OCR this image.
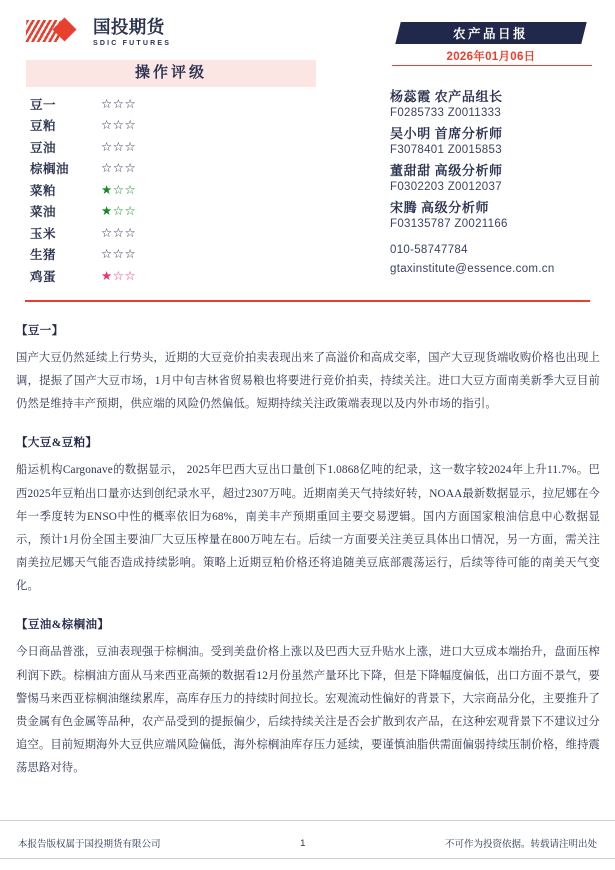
国投期货
SDIC FUTURES
操作评级
豆一	☆☆☆
豆粕	☆☆☆
豆油	☆☆☆
棕榈油	☆☆☆
菜粕	★☆☆
菜油	★☆☆
玉米	☆☆☆
生猪	☆☆☆
鸡蛋	★☆☆
农产品日报
2026年01月06日
杨蕊霞 农产品组长
F0285733 Z0011333
吴小明 首席分析师
F3078401 Z0015853
董甜甜 高级分析师
F0302203 Z0012037
宋腾 高级分析师
F03135787 Z0021166
010-58747784
gtaxinstitute@essence.com.cn
【豆一】
国产大豆仍然延续上行势头，近期的大豆竞价拍卖表现出来了高溢价和高成交率，国产大豆现货端收购价格也出现上调，提振了国产大豆市场，1月中旬吉林省贸易粮也将要进行竞价拍卖，持续关注。进口大豆方面南美新季大豆目前仍然是维持丰产预期，供应端的风险仍然偏低。短期持续关注政策端表现以及内外市场的指引。
【大豆&豆粕】
船运机构Cargonave的数据显示， 2025年巴西大豆出口量创下1.0868亿吨的纪录，这一数字较2024年上升11.7%。巴西2025年豆粕出口量亦达到创纪录水平，超过2307万吨。近期南美天气持续好转，NOAA最新数据显示，拉尼娜在今年一季度转为ENSO中性的概率依旧为68%，南美丰产预期重回主要交易逻辑。国内方面国家粮油信息中心数据显示，预计1月份全国主要油厂大豆压榨量在800万吨左右。后续一方面要关注美豆具体出口情况，另一方面，需关注南美拉尼娜天气能否造成持续影响。策略上近期豆粕价格还将追随美豆底部震荡运行，后续等待可能的南美天气变化。
【豆油&棕榈油】
今日商品普涨，豆油表现强于棕榈油。受到美盘价格上涨以及巴西大豆升贴水上涨，进口大豆成本端抬升，盘面压榨利润下跌。棕榈油方面从马来西亚高频的数据看12月份虽然产量环比下降，但是下降幅度偏低，出口方面不景气，要警惕马来西亚棕榈油继续累库，高库存压力的持续时间拉长。宏观流动性偏好的背景下，大宗商品分化，主要推升了贵金属有色金属等品种，农产品受到的提振偏少，后续持续关注是否会扩散到农产品，在这种宏观背景下不建议过分追空。目前短期海外大豆供应端风险偏低，海外棕榈油库存压力延续，要谨慎油脂供需面偏弱持续压制价格，维持震荡思路对待。
本报告版权属于国投期货有限公司	1	不可作为投资依据。转载请注明出处
